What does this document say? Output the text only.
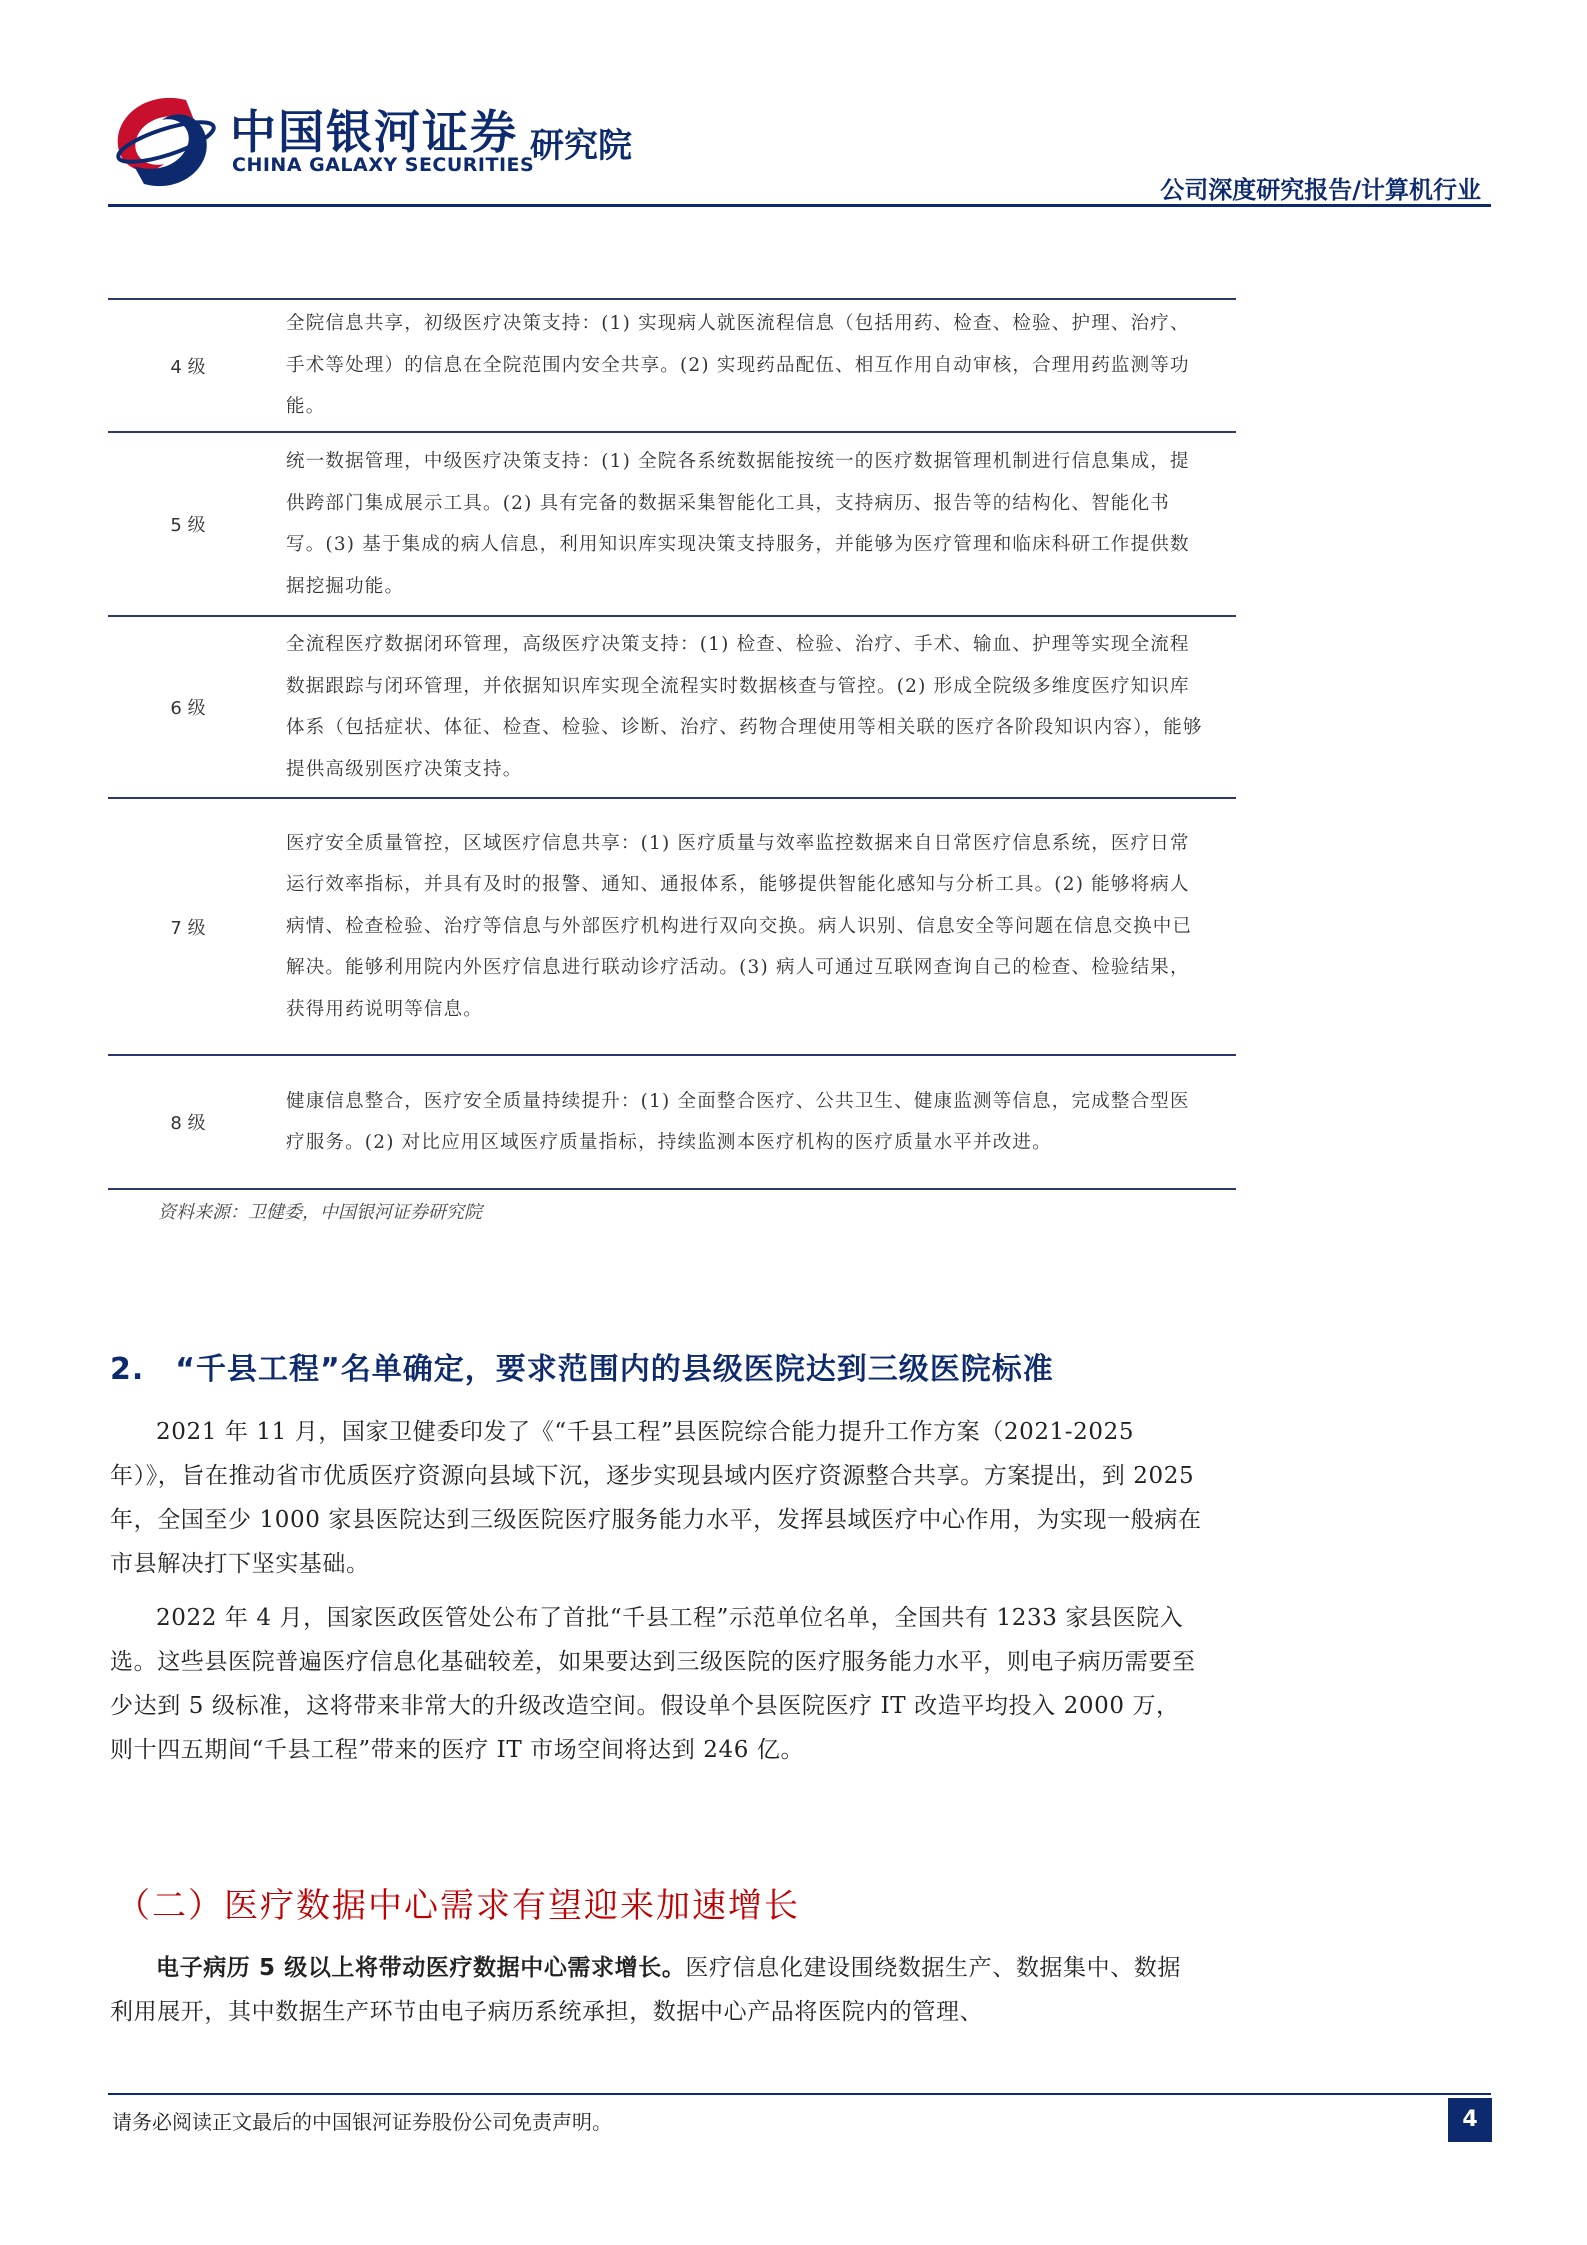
中国银河证券
CHINA GALAXY SECURITIES
研究院
公司深度研究报告/计算机行业
4 级
全院信息共享，初级医疗决策支持：(1) 实现病人就医流程信息（包括用药、检查、检验、护理、治疗、手术等处理）的信息在全院范围内安全共享。(2) 实现药品配伍、相互作用自动审核，合理用药监测等功能。
5 级
统一数据管理，中级医疗决策支持：(1) 全院各系统数据能按统一的医疗数据管理机制进行信息集成，提供跨部门集成展示工具。(2) 具有完备的数据采集智能化工具，支持病历、报告等的结构化、智能化书写。(3) 基于集成的病人信息，利用知识库实现决策支持服务，并能够为医疗管理和临床科研工作提供数据挖掘功能。
6 级
全流程医疗数据闭环管理，高级医疗决策支持：(1) 检查、检验、治疗、手术、输血、护理等实现全流程数据跟踪与闭环管理，并依据知识库实现全流程实时数据核查与管控。(2) 形成全院级多维度医疗知识库体系（包括症状、体征、检查、检验、诊断、治疗、药物合理使用等相关联的医疗各阶段知识内容），能够提供高级别医疗决策支持。
7 级
医疗安全质量管控，区域医疗信息共享：(1) 医疗质量与效率监控数据来自日常医疗信息系统，医疗日常运行效率指标，并具有及时的报警、通知、通报体系，能够提供智能化感知与分析工具。(2) 能够将病人病情、检查检验、治疗等信息与外部医疗机构进行双向交换。病人识别、信息安全等问题在信息交换中已解决。能够利用院内外医疗信息进行联动诊疗活动。(3) 病人可通过互联网查询自己的检查、检验结果，获得用药说明等信息。
8 级
健康信息整合，医疗安全质量持续提升：(1) 全面整合医疗、公共卫生、健康监测等信息，完成整合型医疗服务。(2) 对比应用区域医疗质量指标，持续监测本医疗机构的医疗质量水平并改进。
资料来源：卫健委，中国银河证券研究院
2.　“千县工程”名单确定，要求范围内的县级医院达到三级医院标准

2021 年 11 月，国家卫健委印发了《“千县工程”县医院综合能力提升工作方案（2021-2025 年）》，旨在推动省市优质医疗资源向县域下沉，逐步实现县域内医疗资源整合共享。方案提出，到 2025 年，全国至少 1000 家县医院达到三级医院医疗服务能力水平，发挥县域医疗中心作用，为实现一般病在市县解决打下坚实基础。

2022 年 4 月，国家医政医管处公布了首批“千县工程”示范单位名单，全国共有 1233 家县医院入选。这些县医院普遍医疗信息化基础较差，如果要达到三级医院的医疗服务能力水平，则电子病历需要至少达到 5 级标准，这将带来非常大的升级改造空间。假设单个县医院医疗 IT 改造平均投入 2000 万，则十四五期间“千县工程”带来的医疗 IT 市场空间将达到 246 亿。

（二）医疗数据中心需求有望迎来加速增长

电子病历 5 级以上将带动医疗数据中心需求增长。医疗信息化建设围绕数据生产、数据集中、数据利用展开，其中数据生产环节由电子病历系统承担，数据中心产品将医院内的管理、

请务必阅读正文最后的中国银河证券股份公司免责声明。	4
